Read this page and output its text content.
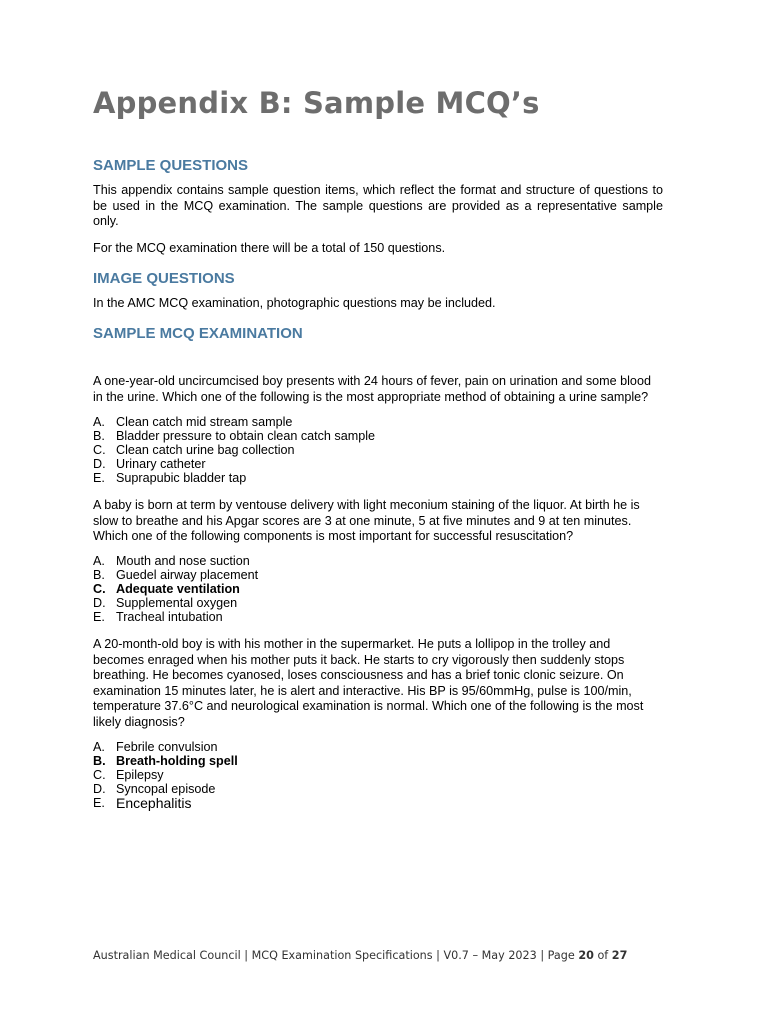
Appendix B: Sample MCQ’s
SAMPLE QUESTIONS

This appendix contains sample question items, which reflect the format and structure of questions to be used in the MCQ examination. The sample questions are provided as a representative sample only.

For the MCQ examination there will be a total of 150 questions.

IMAGE QUESTIONS

In the AMC MCQ examination, photographic questions may be included.

SAMPLE MCQ EXAMINATION

A one-year-old uncircumcised boy presents with 24 hours of fever, pain on urination and some blood in the urine. Which one of the following is the most appropriate method of obtaining a urine sample?

A. Clean catch mid stream sample
B. Bladder pressure to obtain clean catch sample
C. Clean catch urine bag collection
D. Urinary catheter
E. Suprapubic bladder tap

A baby is born at term by ventouse delivery with light meconium staining of the liquor. At birth he is slow to breathe and his Apgar scores are 3 at one minute, 5 at five minutes and 9 at ten minutes. Which one of the following components is most important for successful resuscitation?

A. Mouth and nose suction
B. Guedel airway placement
C. Adequate ventilation
D. Supplemental oxygen
E. Tracheal intubation

A 20-month-old boy is with his mother in the supermarket. He puts a lollipop in the trolley and becomes enraged when his mother puts it back. He starts to cry vigorously then suddenly stops breathing. He becomes cyanosed, loses consciousness and has a brief tonic clonic seizure. On examination 15 minutes later, he is alert and interactive. His BP is 95/60mmHg, pulse is 100/min, temperature 37.6°C and neurological examination is normal. Which one of the following is the most likely diagnosis?

A. Febrile convulsion
B. Breath-holding spell
C. Epilepsy
D. Syncopal episode
E. Encephalitis

Australian Medical Council | MCQ Examination Specifications | V0.7 – May 2023 | Page 20 of 27
